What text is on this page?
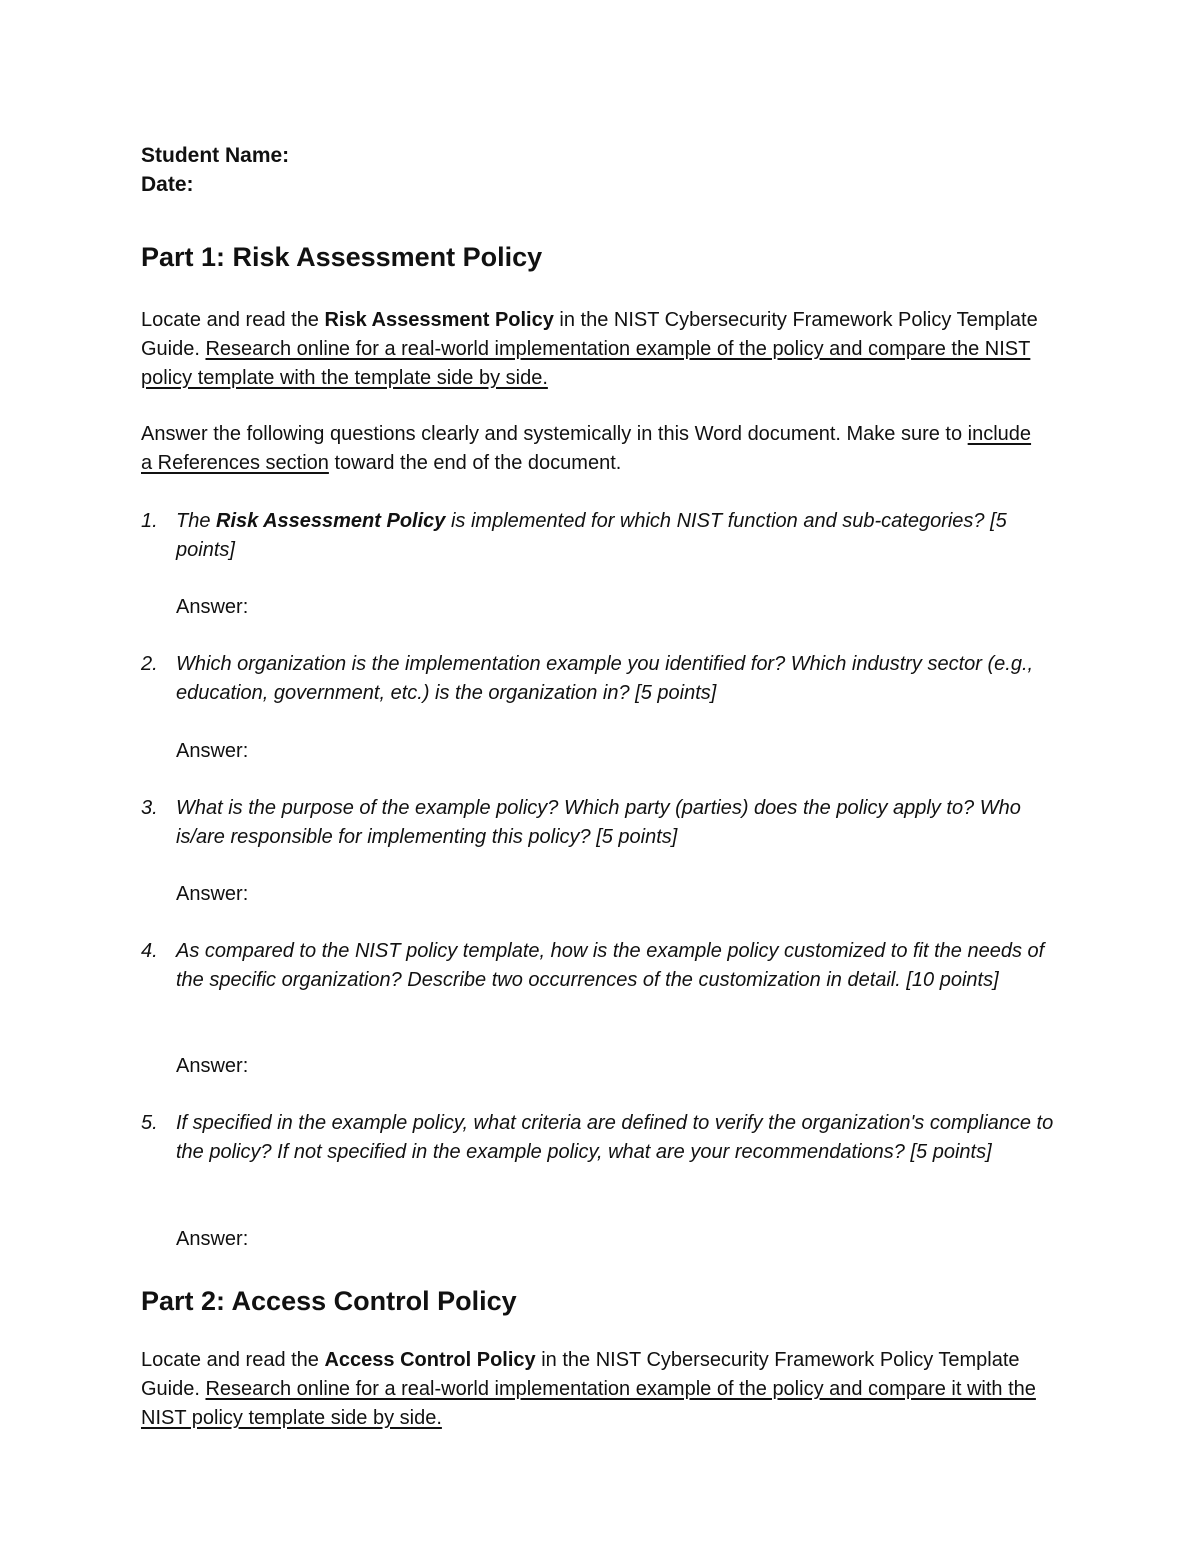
Student Name:
Date:
Part 1: Risk Assessment Policy
Locate and read the Risk Assessment Policy in the NIST Cybersecurity Framework Policy Template Guide. Research online for a real-world implementation example of the policy and compare the NIST policy template with the template side by side.
Answer the following questions clearly and systemically in this Word document. Make sure to include a References section toward the end of the document.
1. The Risk Assessment Policy is implemented for which NIST function and sub-categories? [5 points]
Answer:
2. Which organization is the implementation example you identified for? Which industry sector (e.g., education, government, etc.) is the organization in? [5 points]
Answer:
3. What is the purpose of the example policy? Which party (parties) does the policy apply to? Who is/are responsible for implementing this policy? [5 points]
Answer:
4. As compared to the NIST policy template, how is the example policy customized to fit the needs of the specific organization? Describe two occurrences of the customization in detail. [10 points]
Answer:
5. If specified in the example policy, what criteria are defined to verify the organization's compliance to the policy? If not specified in the example policy, what are your recommendations? [5 points]
Answer:
Part 2: Access Control Policy
Locate and read the Access Control Policy in the NIST Cybersecurity Framework Policy Template Guide. Research online for a real-world implementation example of the policy and compare it with the NIST policy template side by side.
